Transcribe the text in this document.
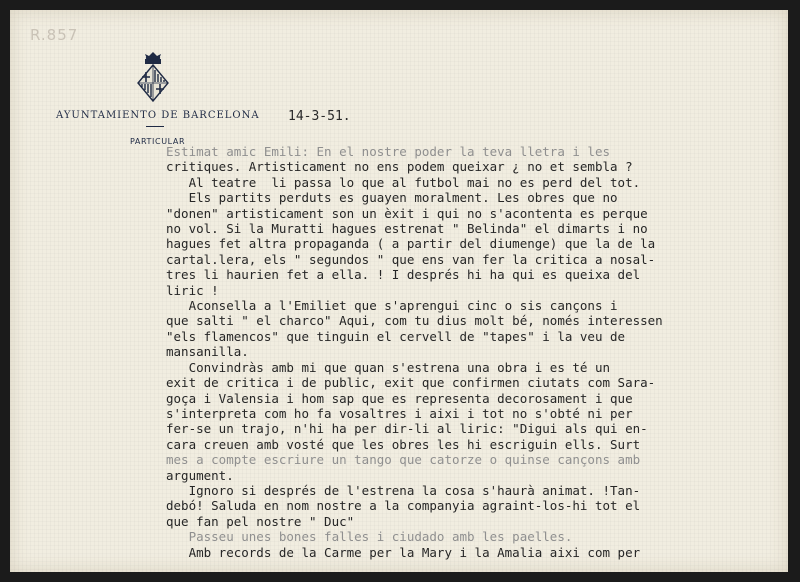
R.857
AYUNTAMIENTO DE BARCELONA
PARTICULAR
14-3-51.
Estimat amic Emili: En el nostre poder la teva lletra i les
critiques. Artisticament no ens podem queixar ¿ no et sembla ?
Al teatre  li passa lo que al futbol mai no es perd del tot.
Els partits perduts es guayen moralment. Les obres que no
"donen" artisticament son un èxit i qui no s'acontenta es perque
no vol. Si la Muratti hagues estrenat " Belinda" el dimarts i no
hagues fet altra propaganda ( a partir del diumenge) que la de la
cartal.lera, els " segundos " que ens van fer la critica a nosal-
tres li haurien fet a ella. ! I després hi ha qui es queixa del
liric !
Aconsella a l'Emiliet que s'aprengui cinc o sis cançons i
que salti " el charco" Aqui, com tu dius molt bé, només interessen
"els flamencos" que tinguin el cervell de "tapes" i la veu de
mansanilla.
Convindràs amb mi que quan s'estrena una obra i es té un
exit de critica i de public, exit que confirmen ciutats com Sara-
goça i Valensia i hom sap que es representa decorosament i que
s'interpreta com ho fa vosaltres i aixi i tot no s'obté ni per
fer-se un trajo, n'hi ha per dir-li al liric: "Digui als qui en-
cara creuen amb vosté que les obres les hi escriguin ells. Surt
mes a compte escriure un tango que catorze o quinse cançons amb
argument.
Ignoro si després de l'estrena la cosa s'haurà animat. !Tan-
debó! Saluda en nom nostre a la companyia agraint-los-hi tot el
que fan pel nostre " Duc"
Passeu unes bones falles i ciudado amb les paelles.
Amb records de la Carme per la Mary i la Amalia aixi com per
